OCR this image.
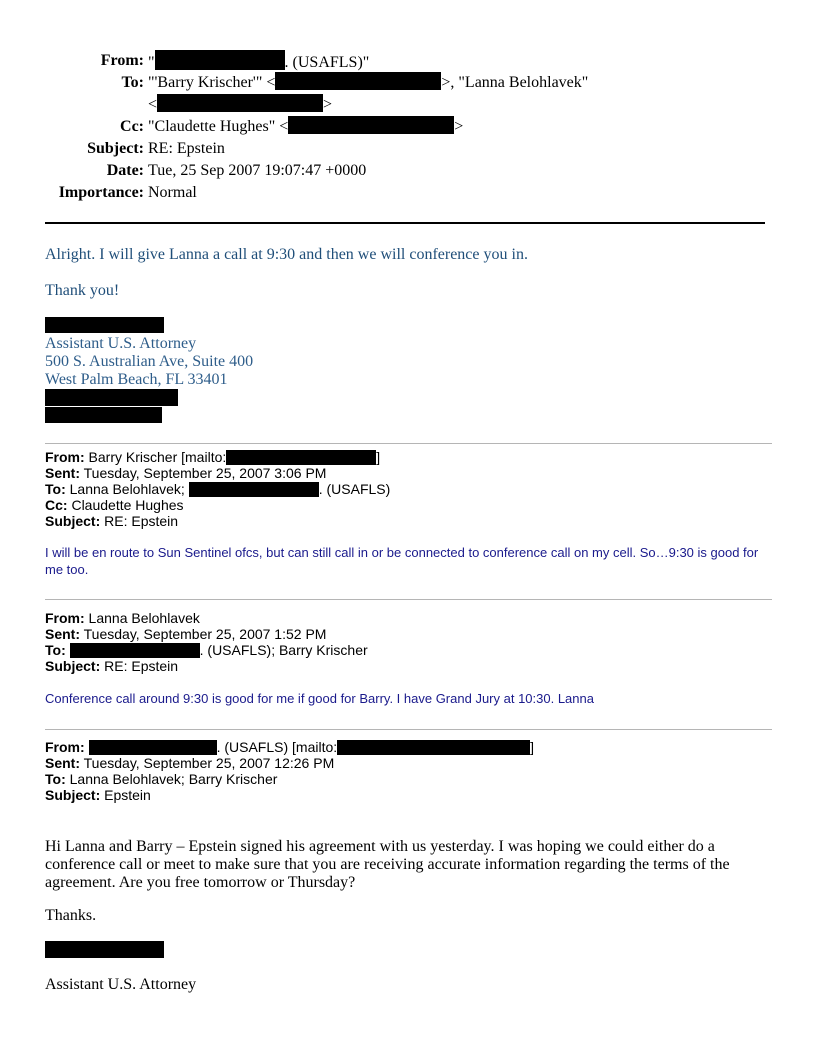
From: "	. (USAFLS)"
To: "'Barry Krischer'" <	>, "Lanna Belohlavek"
<	>
Cc: "Claudette Hughes" <	>
Subject: RE: Epstein
Date: Tue, 25 Sep 2007 19:07:47 +0000
Importance: Normal
Alright. I will give Lanna a call at 9:30 and then we will conference you in.
Thank you!
Assistant U.S. Attorney
500 S. Australian Ave, Suite 400
West Palm Beach, FL 33401
From: Barry Krischer [mailto:	]
Sent: Tuesday, September 25, 2007 3:06 PM
To: Lanna Belohlavek;	. (USAFLS)
Cc: Claudette Hughes
Subject: RE: Epstein
I will be en route to Sun Sentinel ofcs, but can still call in or be connected to conference call on my cell. So…9:30 is good for me too.
From: Lanna Belohlavek
Sent: Tuesday, September 25, 2007 1:52 PM
To:	. (USAFLS); Barry Krischer
Subject: RE: Epstein
Conference call around 9:30 is good for me if good for Barry. I have Grand Jury at 10:30. Lanna
From:	. (USAFLS) [mailto:	]
Sent: Tuesday, September 25, 2007 12:26 PM
To: Lanna Belohlavek; Barry Krischer
Subject: Epstein
Hi Lanna and Barry – Epstein signed his agreement with us yesterday. I was hoping we could either do a conference call or meet to make sure that you are receiving accurate information regarding the terms of the agreement. Are you free tomorrow or Thursday?
Thanks.
Assistant U.S. Attorney
